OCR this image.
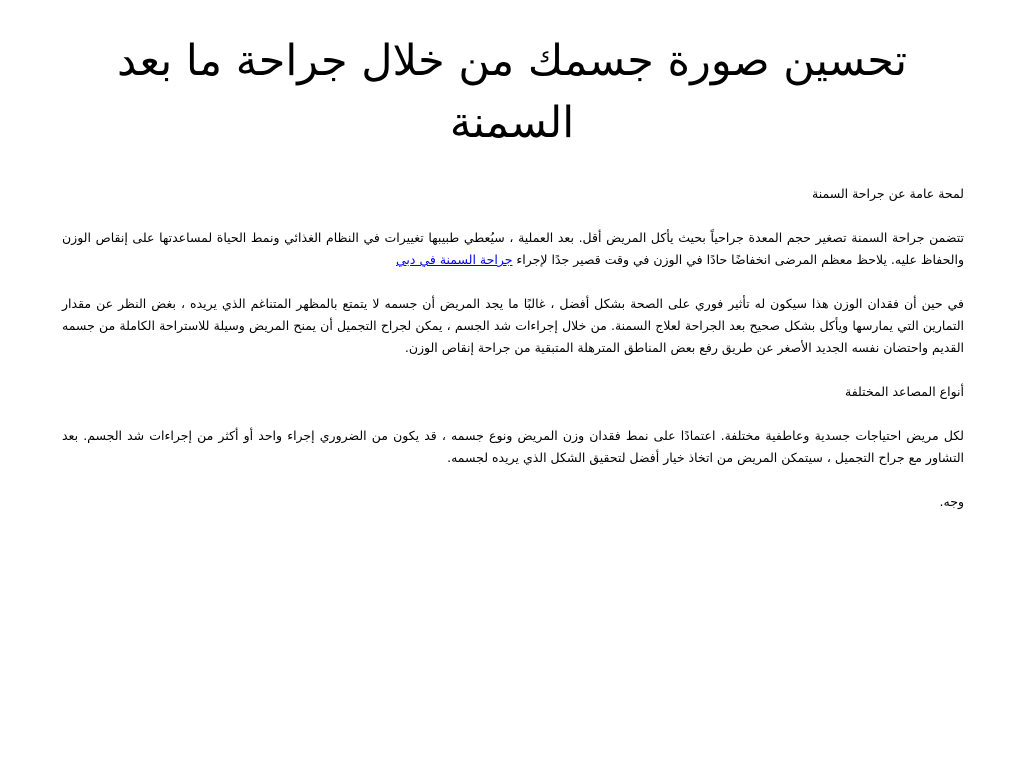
تحسين صورة جسمك من خلال جراحة ما بعد السمنة

لمحة عامة عن جراحة السمنة

تتضمن جراحة السمنة تصغير حجم المعدة جراحياً بحيث يأكل المريض أقل. بعد العملية ، سيُعطي طبيبها تغييرات في النظام الغذائي ونمط الحياة لمساعدتها على إنقاص الوزن والحفاظ عليه. يلاحظ معظم المرضى انخفاضًا حادًا في الوزن في وقت قصير جدًا لإجراء جراحة السمنة في دبي

في حين أن فقدان الوزن هذا سيكون له تأثير فوري على الصحة بشكل أفضل ، غالبًا ما يجد المريض أن جسمه لا يتمتع بالمظهر المتناغم الذي يريده ، بغض النظر عن مقدار التمارين التي يمارسها ويأكل بشكل صحيح بعد الجراحة لعلاج السمنة. من خلال إجراءات شد الجسم ، يمكن لجراح التجميل أن يمنح المريض وسيلة للاستراحة الكاملة من جسمه القديم واحتضان نفسه الجديد الأصغر عن طريق رفع بعض المناطق المترهلة المتبقية من جراحة إنقاص الوزن.

أنواع المصاعد المختلفة

لكل مريض احتياجات جسدية وعاطفية مختلفة. اعتمادًا على نمط فقدان وزن المريض ونوع جسمه ، قد يكون من الضروري إجراء واحد أو أكثر من إجراءات شد الجسم. بعد التشاور مع جراح التجميل ، سيتمكن المريض من اتخاذ خيار أفضل لتحقيق الشكل الذي يريده لجسمه.

وجه.
